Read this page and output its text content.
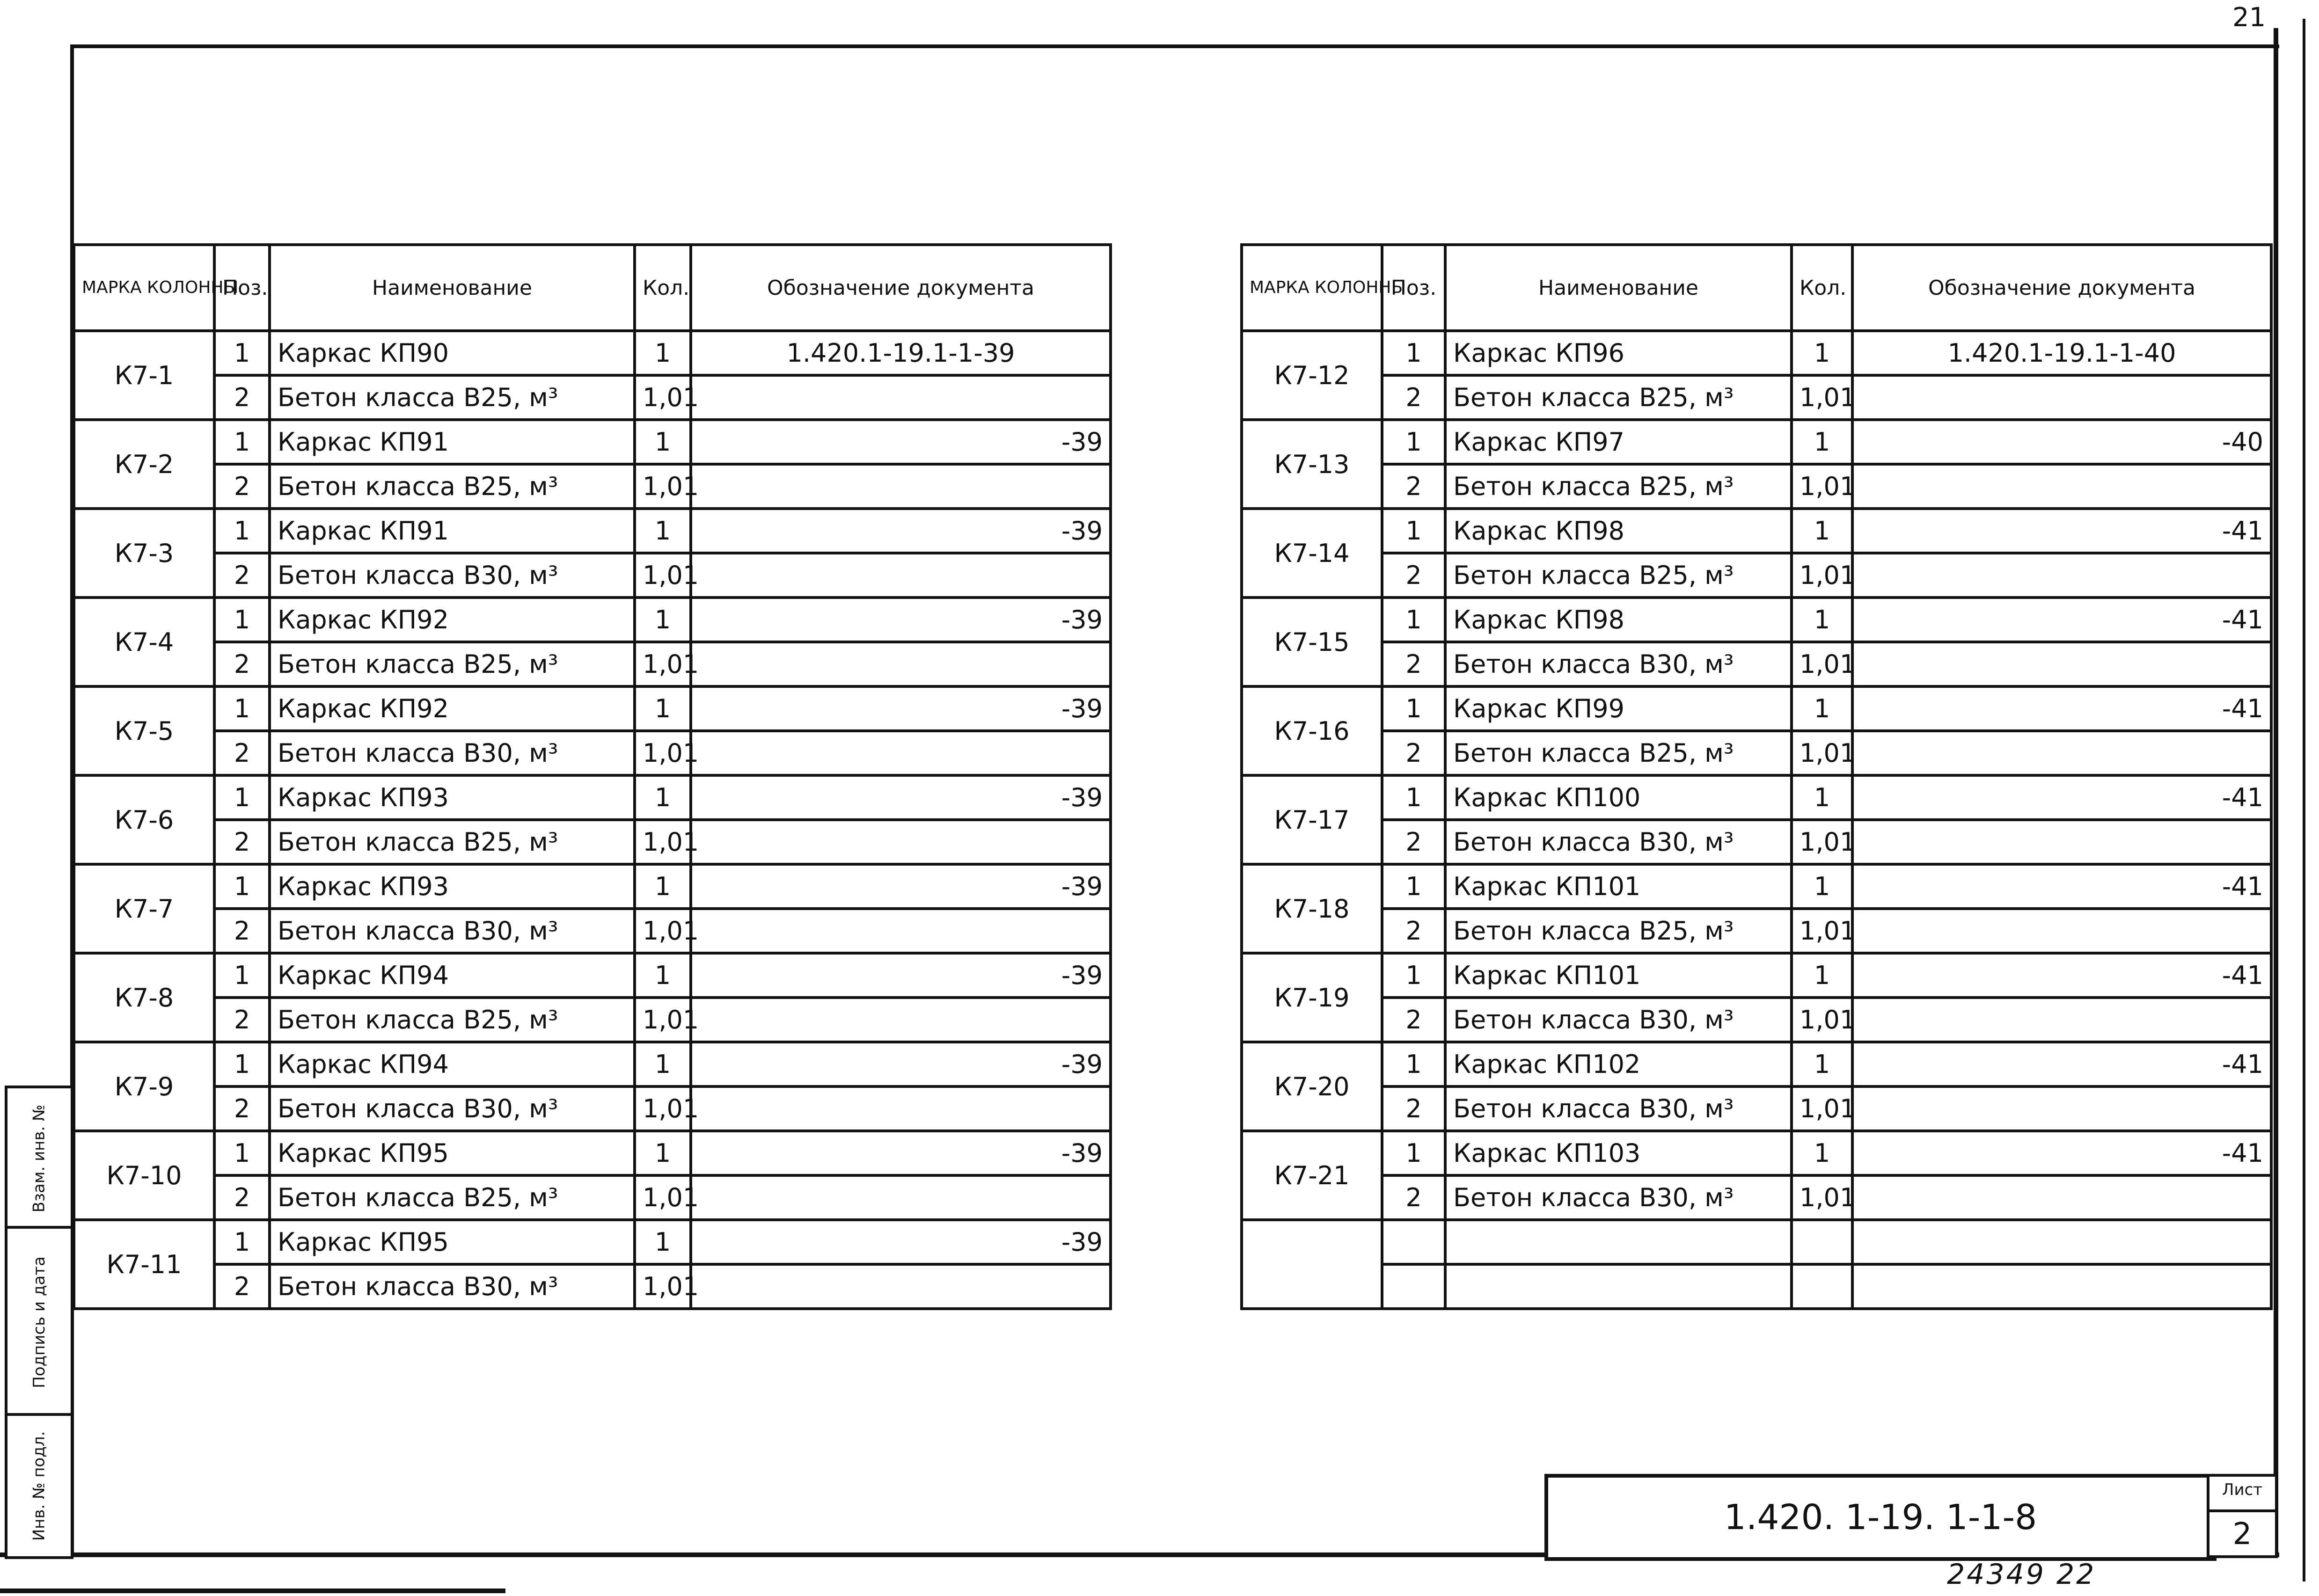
21
МАРКА КОЛОННЫ	Поз.	Наименование	Кол.	Обозначение документа
К7-1	1	Каркас КП90	1	1.420.1-19.1-1-39
	2	Бетон класса В25, м³	1,01	
К7-2	1	Каркас КП91	1	-39
	2	Бетон класса В25, м³	1,01	
К7-3	1	Каркас КП91	1	-39
	2	Бетон класса В30, м³	1,01	
К7-4	1	Каркас КП92	1	-39
	2	Бетон класса В25, м³	1,01	
К7-5	1	Каркас КП92	1	-39
	2	Бетон класса В30, м³	1,01	
К7-6	1	Каркас КП93	1	-39
	2	Бетон класса В25, м³	1,01	
К7-7	1	Каркас КП93	1	-39
	2	Бетон класса В30, м³	1,01	
К7-8	1	Каркас КП94	1	-39
	2	Бетон класса В25, м³	1,01	
К7-9	1	Каркас КП94	1	-39
	2	Бетон класса В30, м³	1,01	
К7-10	1	Каркас КП95	1	-39
	2	Бетон класса В25, м³	1,01	
К7-11	1	Каркас КП95	1	-39
	2	Бетон класса В30, м³	1,01	
МАРКА КОЛОННЫ	Поз.	Наименование	Кол.	Обозначение документа
К7-12	1	Каркас КП96	1	1.420.1-19.1-1-40
	2	Бетон класса В25, м³	1,01	
К7-13	1	Каркас КП97	1	-40
	2	Бетон класса В25, м³	1,01	
К7-14	1	Каркас КП98	1	-41
	2	Бетон класса В25, м³	1,01	
К7-15	1	Каркас КП98	1	-41
	2	Бетон класса В30, м³	1,01	
К7-16	1	Каркас КП99	1	-41
	2	Бетон класса В25, м³	1,01	
К7-17	1	Каркас КП100	1	-41
	2	Бетон класса В30, м³	1,01	
К7-18	1	Каркас КП101	1	-41
	2	Бетон класса В25, м³	1,01	
К7-19	1	Каркас КП101	1	-41
	2	Бетон класса В30, м³	1,01	
К7-20	1	Каркас КП102	1	-41
	2	Бетон класса В30, м³	1,01	
К7-21	1	Каркас КП103	1	-41
	2	Бетон класса В30, м³	1,01	

1.420. 1-19. 1-1-8
Лист
2
Взам. инв. №
Подпись и дата
Инв. № подл.
24349 22
